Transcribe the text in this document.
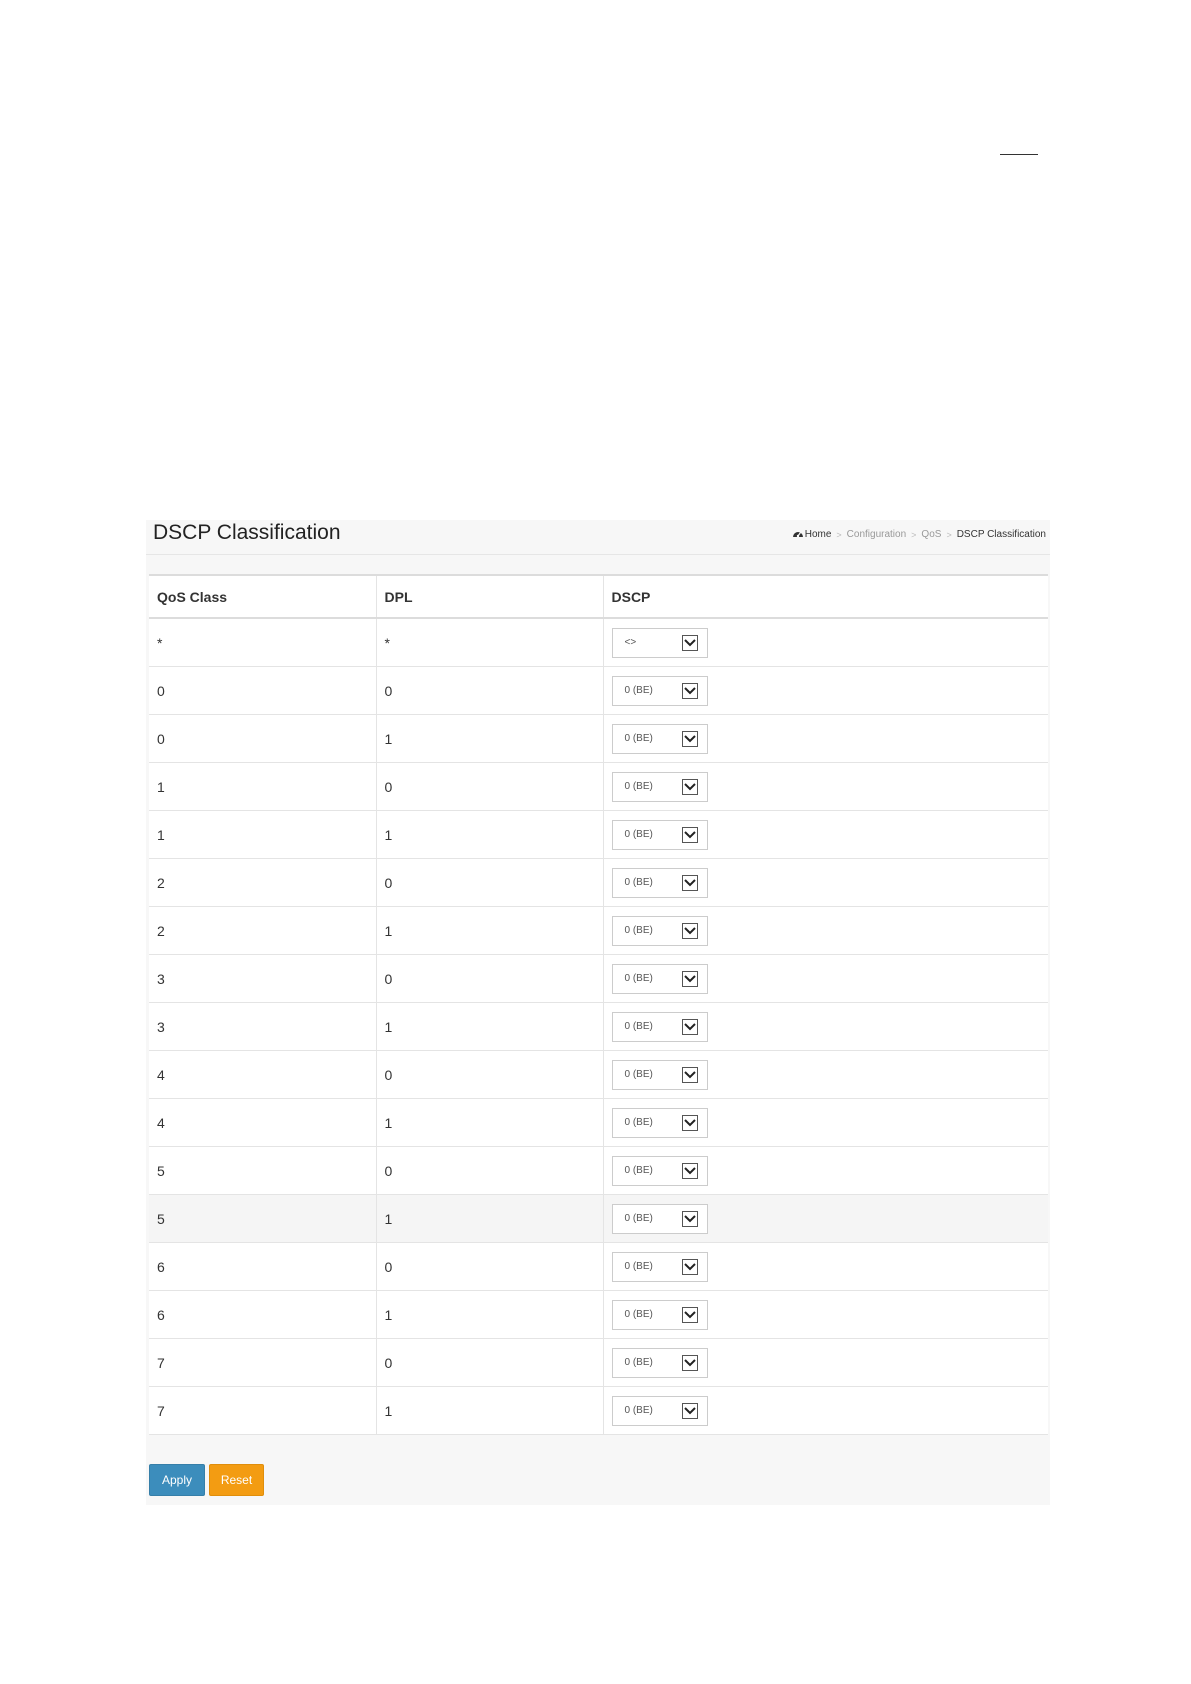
DSCP Classification	Home > Configuration > QoS > DSCP Classification
QoS Class	DPL	DSCP
*	*	<>

0	0	0 (BE)

0	1	0 (BE)

1	0	0 (BE)

1	1	0 (BE)

2	0	0 (BE)

2	1	0 (BE)

3	0	0 (BE)

3	1	0 (BE)

4	0	0 (BE)

4	1	0 (BE)

5	0	0 (BE)

5	1	0 (BE)

6	0	0 (BE)

6	1	0 (BE)

7	0	0 (BE)

7	1	0 (BE)
Apply	Reset
